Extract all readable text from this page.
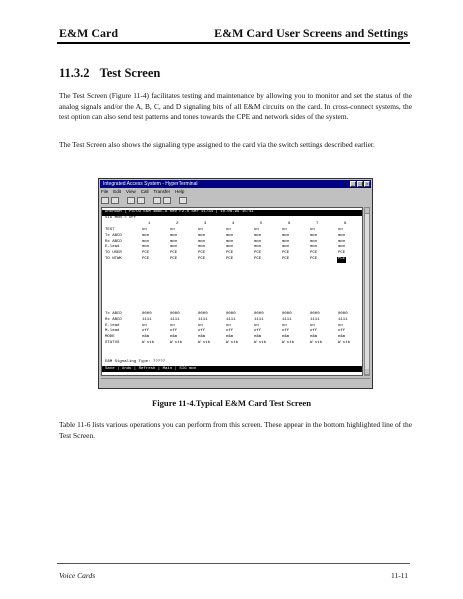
E&M Card	E&M Card User Screens and Settings
11.3.2 Test Screen
The Test Screen (Figure 11-4) facilitates testing and maintenance by allowing you to monitor and set the status of the analog signals and/or the A, B, C, and D signaling bits of all E&M circuits on the card. In cross-connect systems, the test option can also send test patterns and tones towards the CPE and network sides of the system.
The Test Screen also shows the signaling type assigned to the card via the switch settings described earlier.
Integrated Access System - HyperTerminal	_	□	×
File Edit View Call Transfer Help
unknown | P3/U3 E&M 4W6E-8 Rev F2-0 Ser 11734 | 10-06-99 15:41
SIG MON = OFF
1	2	3	4	5	6	7	8
TEST	on	on	on	on	on	on	on	on
Tx ABCD	mon	mon	mon	mon	mon	mon	mon	mon
Rx ABCD	mon	mon	mon	mon	mon	mon	mon	mon
E-lead	mon	mon	mon	mon	mon	mon	mon	mon
TO USER	PCE	PCE	PCE	PCE	PCE	PCE	PCE	PCE
TO NTWK	PCE	PCE	PCE	PCE	PCE	PCE	PCE	PCE
Tx ABCD	0000	0000	0000	0000	0000	0000	0000	0000
Rx ABCD	1111	1111	1111	1111	1111	1111	1111	1111
E-lead	on	on	on	on	on	on	on	on
M-lead	off	off	off	off	off	off	off	off
MODE	e&m	e&m	e&m	e&m	e&m	e&m	e&m	e&m
STATUS	W stb	W stb	W stb	W stb	W stb	W stb	W stb	W stb
E&M Signaling Type: ?????
Save | Undo | Refresh | Main | SIG mon
Figure 11-4.Typical E&M Card Test Screen
Table 11-6 lists various operations you can perform from this screen. These appear in the bottom highlighted line of the Test Screen.
Voice Cards	11-11
